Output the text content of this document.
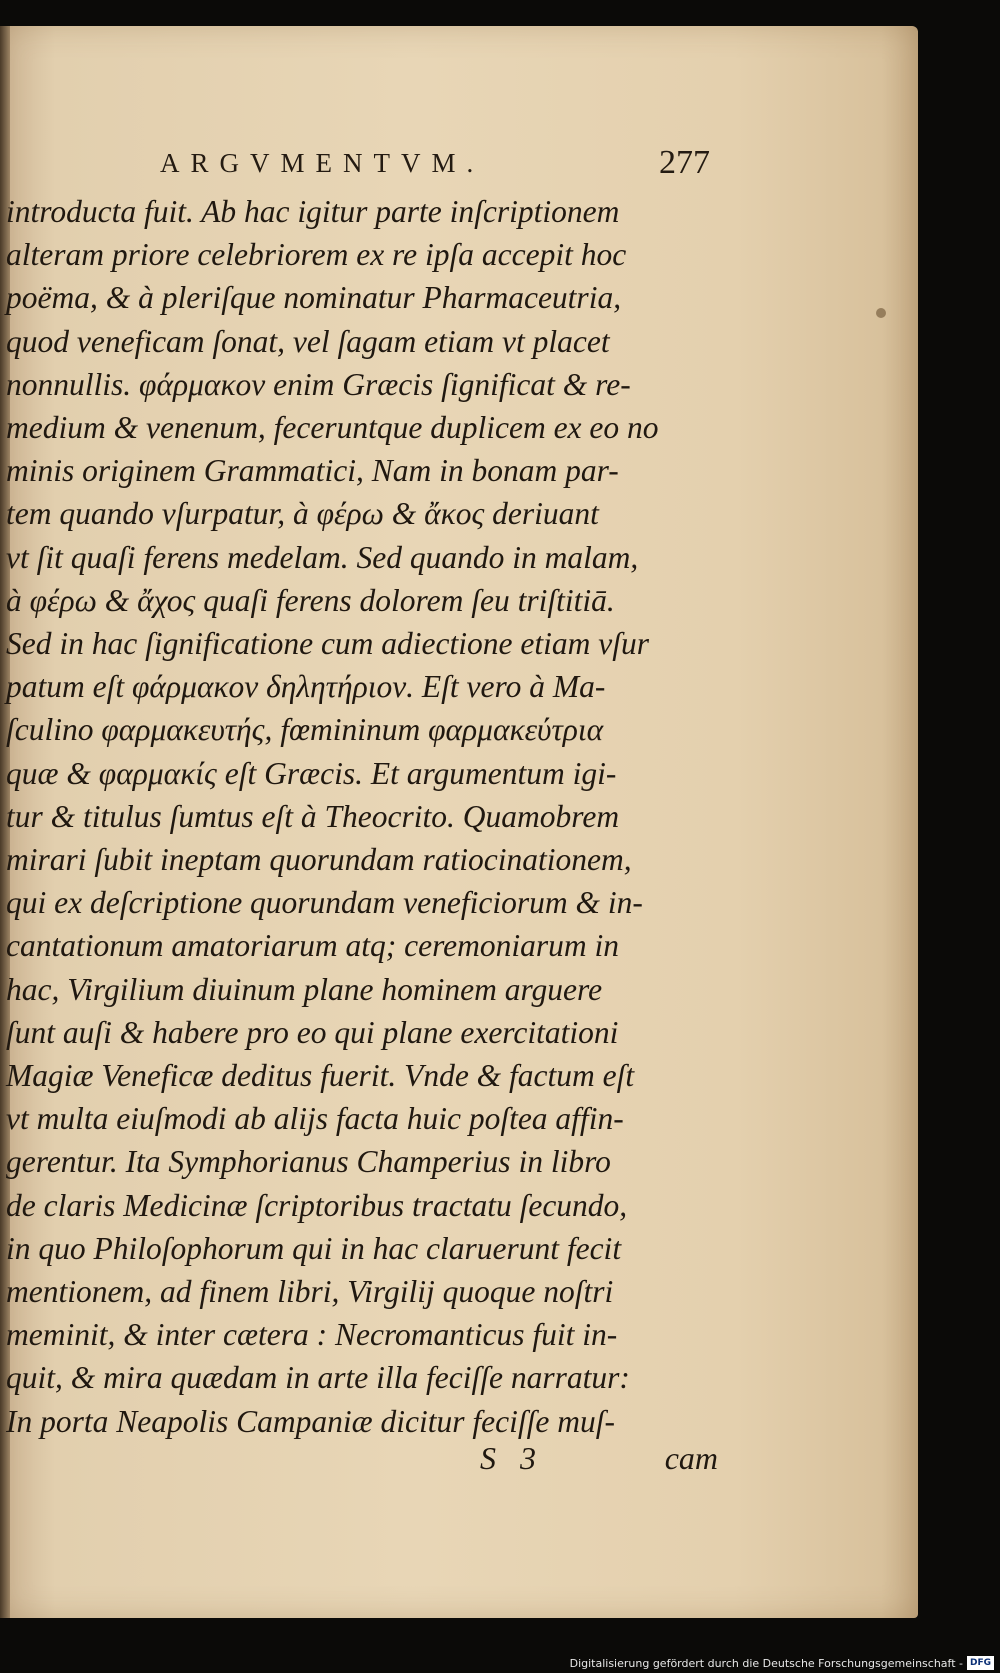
ARGVMENTVM.	277
introducta fuit. Ab hac igitur parte inſcriptionem
alteram priore celebriorem ex re ipſa accepit hoc
poëma, & à pleriſque nominatur Pharmaceutria,
quod veneficam ſonat, vel ſagam etiam vt placet
nonnullis. φάρμακον enim Græcis ſignificat & re-
medium & venenum, feceruntque duplicem ex eo no
minis originem Grammatici, Nam in bonam par-
tem quando vſurpatur, à φέρω & ἄκος deriuant
vt ſit quaſi ferens medelam. Sed quando in malam,
à φέρω & ἄχος quaſi ferens dolorem ſeu triſtitiā.
Sed in hac ſignificatione cum adiectione etiam vſur
patum eſt φάρμακον δηλητήριον. Eſt vero à Ma-
ſculino φαρμακευτής, fœmininum φαρμακεύτρια
quæ & φαρμακίς eſt Græcis. Et argumentum igi-
tur & titulus ſumtus eſt à Theocrito. Quamobrem
mirari ſubit ineptam quorundam ratiocinationem,
qui ex deſcriptione quorundam veneficiorum & in-
cantationum amatoriarum atq; ceremoniarum in
hac, Virgilium diuinum plane hominem arguere
ſunt auſi & habere pro eo qui plane exercitationi
Magiæ Veneficæ deditus fuerit. Vnde & factum eſt
vt multa eiuſmodi ab alijs facta huic poſtea affin-
gerentur. Ita Symphorianus Champerius in libro
de claris Medicinæ ſcriptoribus tractatu ſecundo,
in quo Philoſophorum qui in hac claruerunt fecit
mentionem, ad finem libri, Virgilij quoque noſtri
meminit, & inter cætera : Necromanticus fuit in-
quit, & mira quædam in arte illa feciſſe narratur:
In porta Neapolis Campaniæ dicitur feciſſe muſ-
S 3	cam
Digitalisierung gefördert durch die Deutsche Forschungsgemeinschaft - DFG
